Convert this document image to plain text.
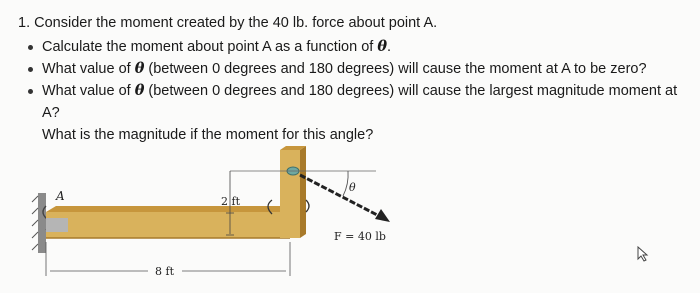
1. Consider the moment created by the 40 lb. force about point A.

Calculate the moment about point A as a function of θ.
What value of θ (between 0 degrees and 180 degrees) will cause the moment at A to be zero?
What value of θ (between 0 degrees and 180 degrees) will cause the largest magnitude moment at A?
What is the magnitude if the moment for this angle?
A	2 ft
8 ft
θ
F = 40 lb
